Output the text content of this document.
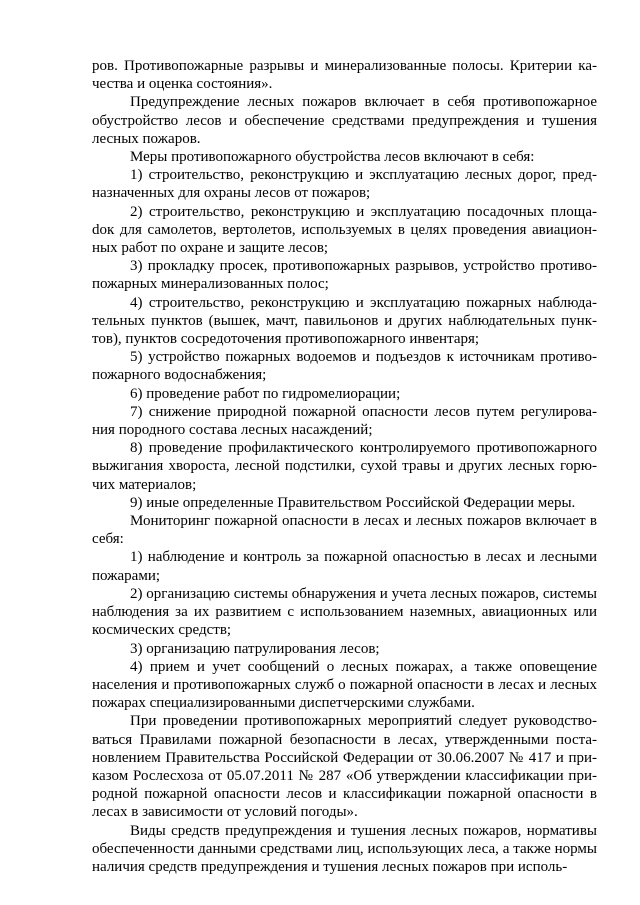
ров. Противопожарные разрывы и минерализованные полосы. Критерии качества и оценка состояния».

Предупреждение лесных пожаров включает в себя противопожарное обустройство лесов и обеспечение средствами предупреждения и тушения лесных пожаров.

Меры противопожарного обустройства лесов включают в себя:

1) строительство, реконструкцию и эксплуатацию лесных дорог, предназначенных для охраны лесов от пожаров;

2) строительство, реконструкцию и эксплуатацию посадочных площаdок для самолетов, вертолетов, используемых в целях проведения авиационных работ по охране и защите лесов;

3) прокладку просек, противопожарных разрывов, устройство противопожарных минерализованных полос;

4) строительство, реконструкцию и эксплуатацию пожарных наблюдательных пунктов (вышек, мачт, павильонов и других наблюдательных пунктов), пунктов сосредоточения противопожарного инвентаря;

5) устройство пожарных водоемов и подъездов к источникам противопожарного водоснабжения;

6) проведение работ по гидромелиорации;

7) снижение природной пожарной опасности лесов путем регулирования породного состава лесных насаждений;

8) проведение профилактического контролируемого противопожарного выжигания хвороста, лесной подстилки, сухой травы и других лесных горючих материалов;

9) иные определенные Правительством Российской Федерации меры.

Мониторинг пожарной опасности в лесах и лесных пожаров включает в себя:

1) наблюдение и контроль за пожарной опасностью в лесах и лесными пожарами;

2) организацию системы обнаружения и учета лесных пожаров, системы наблюдения за их развитием с использованием наземных, авиационных или космических средств;

3) организацию патрулирования лесов;

4) прием и учет сообщений о лесных пожарах, а также оповещение населения и противопожарных служб о пожарной опасности в лесах и лесных пожарах специализированными диспетчерскими службами.

При проведении противопожарных мероприятий следует руководствоваться Правилами пожарной безопасности в лесах, утвержденными постановлением Правительства Российской Федерации от 30.06.2007 № 417 и приказом Рослесхоза от 05.07.2011 № 287 «Об утверждении классификации природной пожарной опасности лесов и классификации пожарной опасности в лесах в зависимости от условий погоды».

Виды средств предупреждения и тушения лесных пожаров, нормативы обеспеченности данными средствами лиц, использующих леса, а также нормы наличия средств предупреждения и тушения лесных пожаров при исполь-
